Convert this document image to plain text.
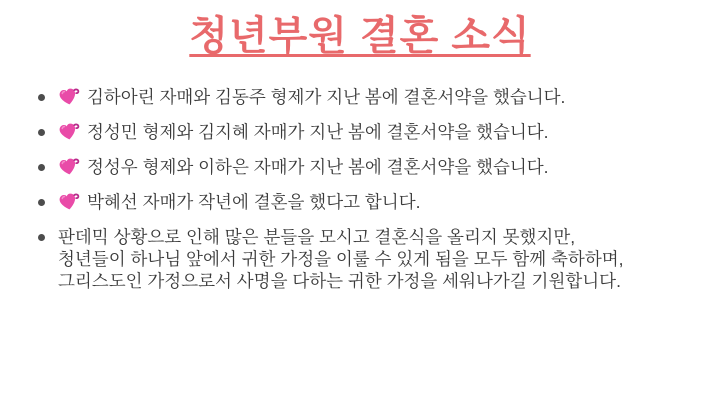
청년부원 결혼 소식
김하아린 자매와 김동주 형제가 지난 봄에 결혼서약을 했습니다.
정성민 형제와 김지혜 자매가 지난 봄에 결혼서약을 했습니다.
정성우 형제와 이하은 자매가 지난 봄에 결혼서약을 했습니다.
박혜선 자매가 작년에 결혼을 했다고 합니다.
판데믹 상황으로 인해 많은 분들을 모시고 결혼식을 올리지 못했지만,
청년들이 하나님 앞에서 귀한 가정을 이룰 수 있게 됨을 모두 함께 축하하며,
그리스도인 가정으로서 사명을 다하는 귀한 가정을 세워나가길 기원합니다.
